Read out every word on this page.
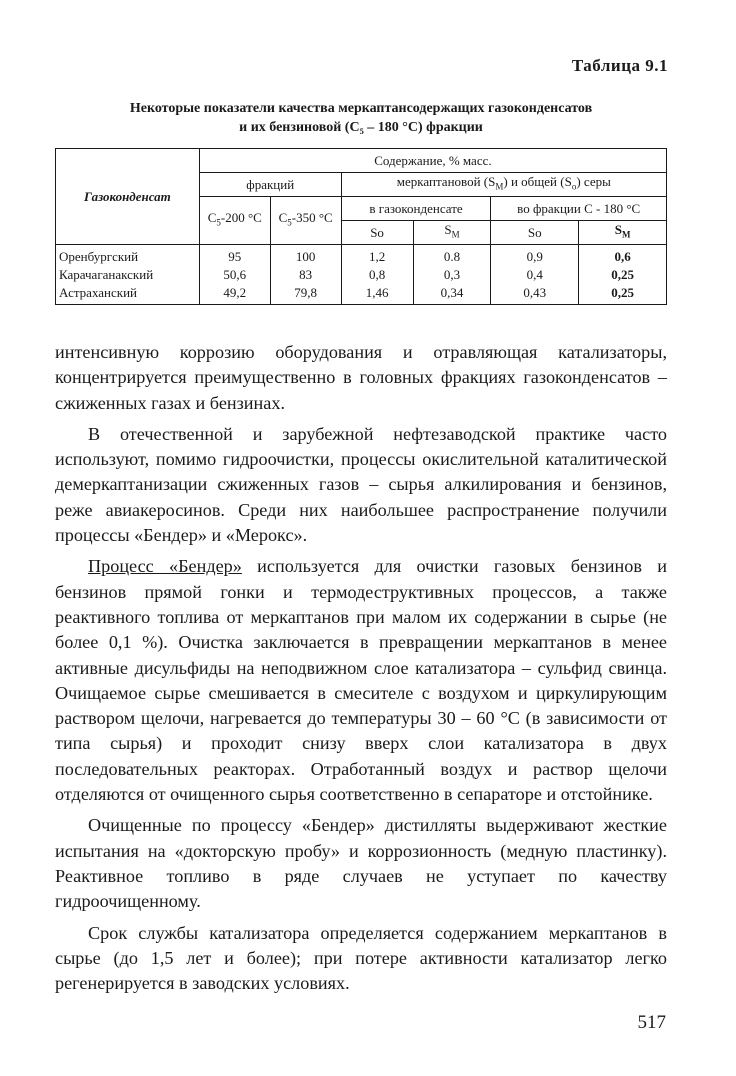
Таблица 9.1
Некоторые показатели качества меркаптансодержащих газоконденсатов
и их бензиновой (C₅ – 180 °C) фракции
Газоконденсат	Содержание, % масс.					
	фракций		меркаптановой $(S_М)$ и общей $(S_о)$ серы			
	$C_5-200$ °C	$C_5-350$ °C	в газоконденсате		во фракции С - 180 °C	
			So	$S_М$	So	$S_М$
Оренбургский	95	100	1,2	0.8	0,9	0,6
Карачаганакский	50,6	83	0,8	0,3	0,4	0,25
Астраханский	49,2	79,8	1,46	0,34	0,43	0,25

интенсивную коррозию оборудования и отравляющая катализаторы, концентрируется преимущественно в головных фракциях газоконденсатов – сжиженных газах и бензинах.

В отечественной и зарубежной нефтезаводской практике часто используют, помимо гидроочистки, процессы окислительной каталитической демеркаптанизации сжиженных газов – сырья алкилирования и бензинов, реже авиакеросинов. Среди них наибольшее распространение получили процессы «Бендер» и «Мерокс».

Процесс «Бендер» используется для очистки газовых бензинов и бензинов прямой гонки и термодеструктивных процессов, а также реактивного топлива от меркаптанов при малом их содержании в сырье (не более 0,1 %). Очистка заключается в превращении меркаптанов в менее активные дисульфиды на неподвижном слое катализатора – сульфид свинца. Очищаемое сырье смешивается в смесителе с воздухом и циркулирующим раствором щелочи, нагревается до температуры 30 – 60 °C (в зависимости от типа сырья) и проходит снизу вверх слои катализатора в двух последовательных реакторах. Отработанный воздух и раствор щелочи отделяются от очищенного сырья соответственно в сепараторе и отстойнике.

Очищенные по процессу «Бендер» дистилляты выдерживают жесткие испытания на «докторскую пробу» и коррозионность (медную пластинку). Реактивное топливо в ряде случаев не уступает по качеству гидроочищенному.

Срок службы катализатора определяется содержанием меркаптанов в сырье (до 1,5 лет и более); при потере активности катализатор легко регенерируется в заводских условиях.

517
